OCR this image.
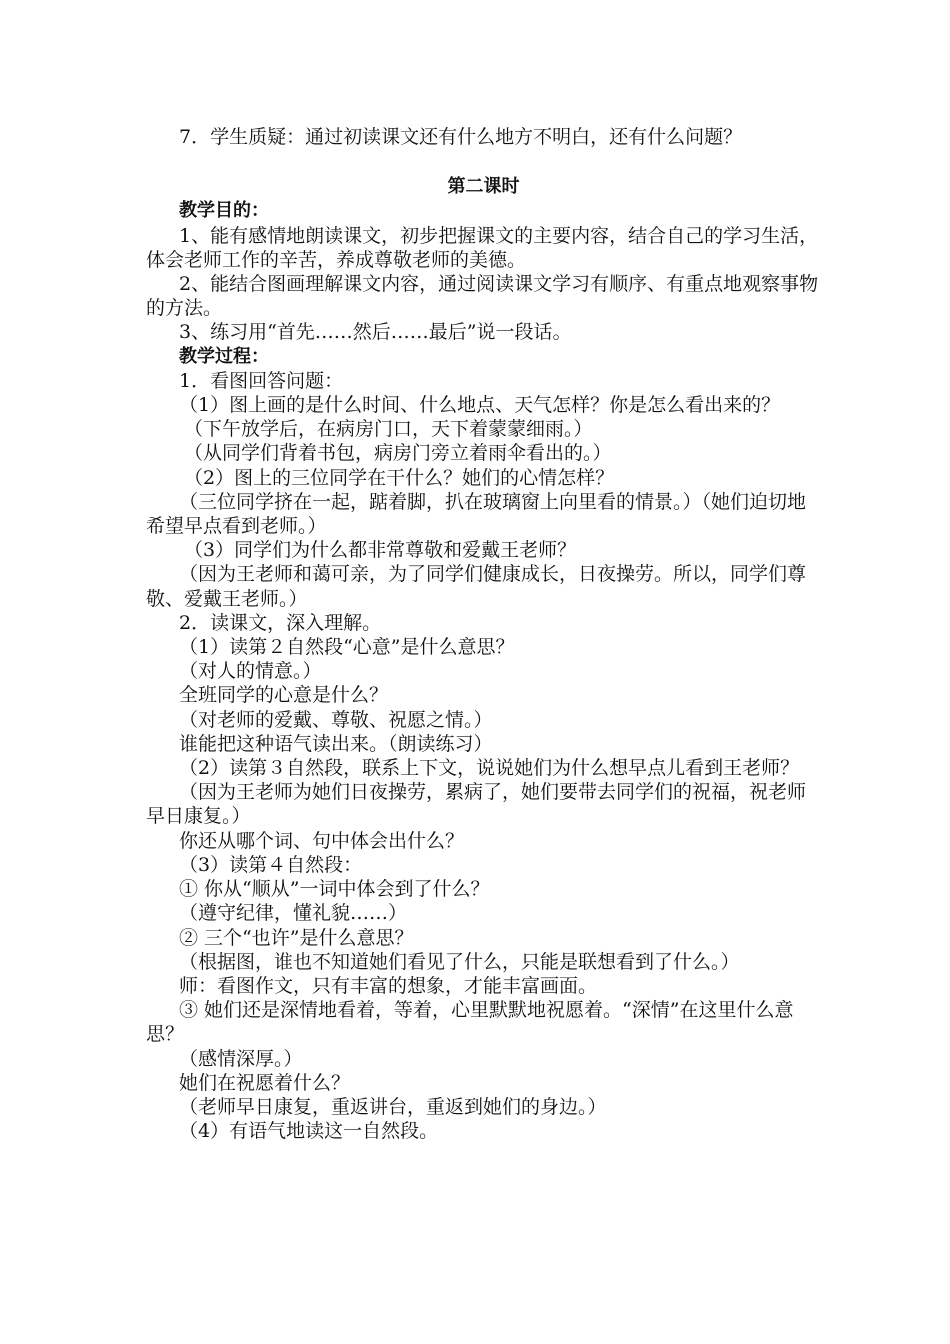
7．学生质疑：通过初读课文还有什么地方不明白，还有什么问题？

第二课时

教学目的：

1、能有感情地朗读课文，初步把握课文的主要内容，结合自己的学习生活，体会老师工作的辛苦，养成尊敬老师的美德。

2、能结合图画理解课文内容，通过阅读课文学习有顺序、有重点地观察事物的方法。

3、练习用“首先……然后……最后”说一段话。

教学过程：

1．看图回答问题：

（1）图上画的是什么时间、什么地点、天气怎样？你是怎么看出来的？

（下午放学后，在病房门口，天下着蒙蒙细雨。）

（从同学们背着书包，病房门旁立着雨伞看出的。）

（2）图上的三位同学在干什么？她们的心情怎样？

（三位同学挤在一起，踮着脚，扒在玻璃窗上向里看的情景。）（她们迫切地希望早点看到老师。）

（3）同学们为什么都非常尊敬和爱戴王老师？

（因为王老师和蔼可亲，为了同学们健康成长，日夜操劳。所以，同学们尊敬、爱戴王老师。）

2．读课文，深入理解。

（1）读第２自然段“心意”是什么意思？

（对人的情意。）

全班同学的心意是什么？

（对老师的爱戴、尊敬、祝愿之情。）

谁能把这种语气读出来。（朗读练习）

（2）读第３自然段，联系上下文，说说她们为什么想早点儿看到王老师？

（因为王老师为她们日夜操劳，累病了，她们要带去同学们的祝福，祝老师早日康复。）

你还从哪个词、句中体会出什么？

（3）读第４自然段：

① 你从“顺从”一词中体会到了什么？

（遵守纪律，懂礼貌……）

② 三个“也许”是什么意思？

（根据图，谁也不知道她们看见了什么，只能是联想看到了什么。）

师：看图作文，只有丰富的想象，才能丰富画面。

③ 她们还是深情地看着，等着，心里默默地祝愿着。“深情”在这里什么意思？

（感情深厚。）

她们在祝愿着什么？

（老师早日康复，重返讲台，重返到她们的身边。）

（4）有语气地读这一自然段。
